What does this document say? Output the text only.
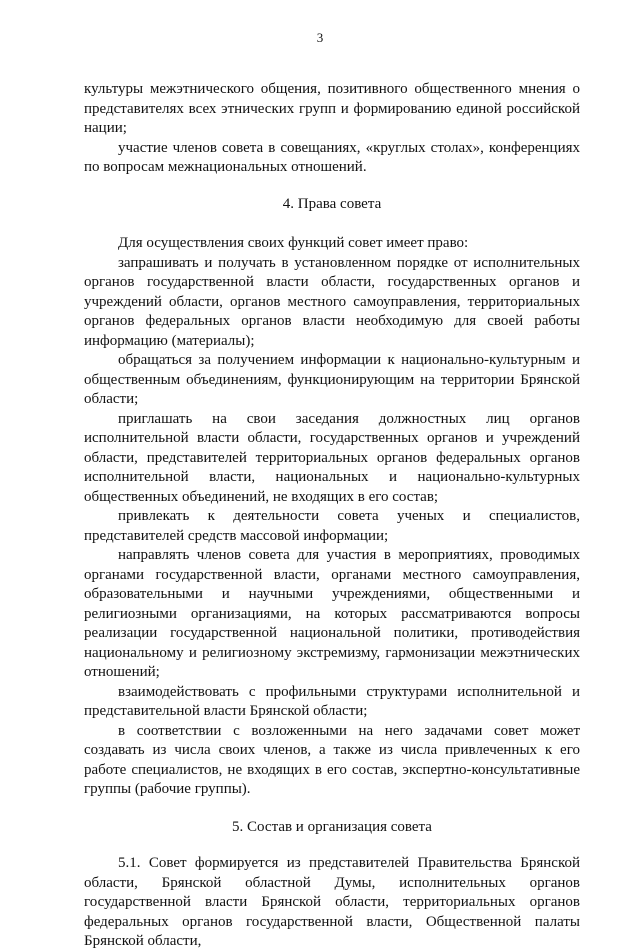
3

культуры межэтнического общения, позитивного общественного мнения о представителях всех этнических групп и формированию единой российской нации;

участие членов совета в совещаниях, «круглых столах», конференциях по вопросам межнациональных отношений.

4. Права совета

Для осуществления своих функций совет имеет право:

запрашивать и получать в установленном порядке от исполнительных органов государственной власти области, государственных органов и учреждений области, органов местного самоуправления, территориальных органов федеральных органов власти необходимую для своей работы информацию (материалы);

обращаться за получением информации к национально-культурным и общественным объединениям, функционирующим на территории Брянской области;

приглашать на свои заседания должностных лиц органов исполнительной власти области, государственных органов и учреждений области, представителей территориальных органов федеральных органов исполнительной власти, национальных и национально-культурных общественных объединений, не входящих в его состав;

привлекать к деятельности совета ученых и специалистов, представителей средств массовой информации;

направлять членов совета для участия в мероприятиях, проводимых органами государственной власти, органами местного самоуправления, образовательными и научными учреждениями, общественными и религиозными организациями, на которых рассматриваются вопросы реализации государственной национальной политики, противодействия национальному и религиозному экстремизму, гармонизации межэтнических отношений;

взаимодействовать с профильными структурами исполнительной и представительной власти Брянской области;

в соответствии с возложенными на него задачами совет может создавать из числа своих членов, а также из числа привлеченных к его работе специалистов, не входящих в его состав, экспертно-консультативные группы (рабочие группы).

5. Состав и организация совета

5.1. Совет формируется из представителей Правительства Брянской области, Брянской областной Думы, исполнительных органов государственной власти Брянской области, территориальных органов федеральных органов государственной власти, Общественной палаты Брянской области,
